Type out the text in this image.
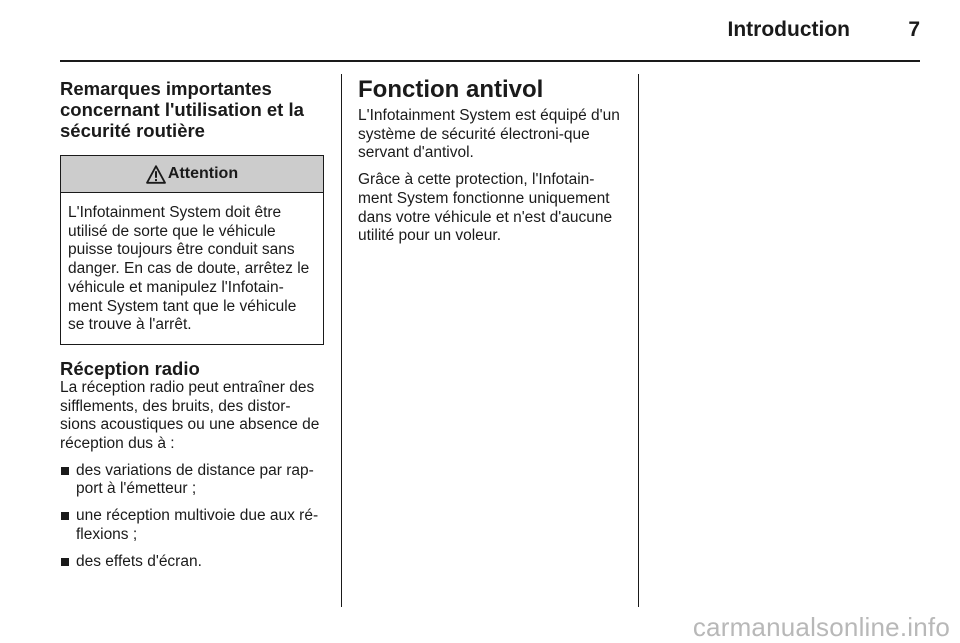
Introduction	7
Remarques importantes concernant l'utilisation et la sécurité routière
Attention
L'Infotainment System doit être utilisé de sorte que le véhicule puisse toujours être conduit sans danger. En cas de doute, arrêtez le véhicule et manipulez l'Infotain-ment System tant que le véhicule se trouve à l'arrêt.
Réception radio

La réception radio peut entraîner des sifflements, des bruits, des distor-sions acoustiques ou une absence de réception dus à :

des variations de distance par rap-port à l'émetteur ;
une réception multivoie due aux ré-flexions ;
des effets d'écran.
Fonction antivol

L'Infotainment System est équipé d'un système de sécurité électroni-que servant d'antivol.

Grâce à cette protection, l'Infotain-ment System fonctionne uniquement dans votre véhicule et n'est d'aucune utilité pour un voleur.

carmanualsonline.info
